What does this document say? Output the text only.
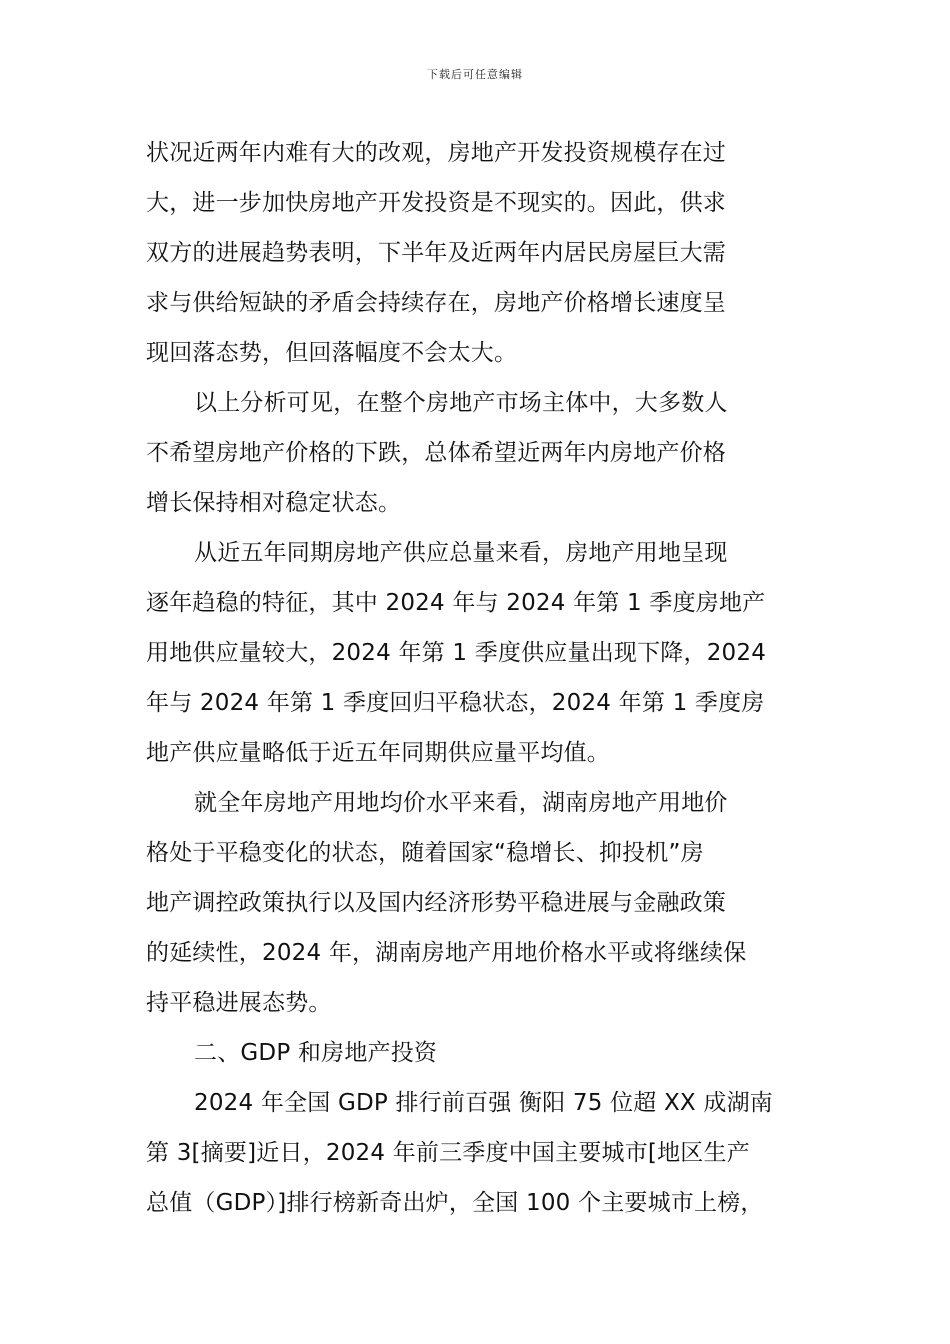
下载后可任意编辑
状况近两年内难有大的改观，房地产开发投资规模存在过
大，进一步加快房地产开发投资是不现实的。因此，供求
双方的进展趋势表明，下半年及近两年内居民房屋巨大需
求与供给短缺的矛盾会持续存在，房地产价格增长速度呈
现回落态势，但回落幅度不会太大。
以上分析可见，在整个房地产市场主体中，大多数人
不希望房地产价格的下跌，总体希望近两年内房地产价格
增长保持相对稳定状态。
从近五年同期房地产供应总量来看，房地产用地呈现
逐年趋稳的特征，其中 2024 年与 2024 年第 1 季度房地产
用地供应量较大，2024 年第 1 季度供应量出现下降，2024
年与 2024 年第 1 季度回归平稳状态，2024 年第 1 季度房
地产供应量略低于近五年同期供应量平均值。
就全年房地产用地均价水平来看，湖南房地产用地价
格处于平稳变化的状态，随着国家“稳增长、抑投机”房
地产调控政策执行以及国内经济形势平稳进展与金融政策
的延续性，2024 年，湖南房地产用地价格水平或将继续保
持平稳进展态势。
二、GDP 和房地产投资
2024 年全国 GDP 排行前百强 衡阳 75 位超 XX 成湖南
第 3[摘要]近日，2024 年前三季度中国主要城市[地区生产
总值（GDP）]排行榜新奇出炉，全国 100 个主要城市上榜，
